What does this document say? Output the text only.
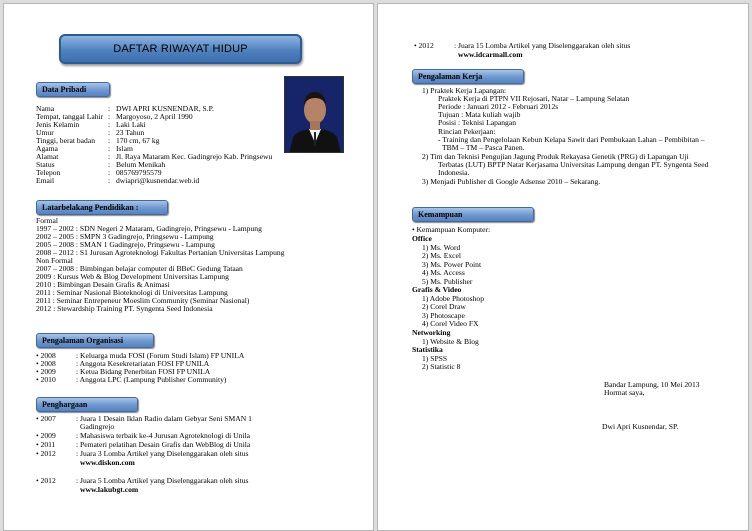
DAFTAR RIWAYAT HIDUP
Data Pribadi
Nama	: DWI APRI KUSNENDAR, S.P.
Tempat, tanggal Lahir : Margoyoso, 2 April 1990
Jenis Kelamin	: Laki Laki
Umur	: 23 Tahun
Tinggi, berat badan : 170 cm, 67 kg
Agama	: Islam
Alamat	: Jl. Raya Mataram Kec. Gadingrejo Kab. Pringsewu
Status	: Belum Menikah
Telepon	: 085769795579
Email	: dwiapri@kusnendar.web.id
Latarbelakang Pendidikan :
Formal
1997 – 2002 : SDN Negeri 2 Mataram, Gadingrejo, Pringsewu - Lampung
2002 – 2005 : SMPN 3 Gadingrejo, Pringsewu - Lampung
2005 – 2008 : SMAN 1 Gadingrejo, Pringsewu - Lampung
2008 – 2012 : S1 Jurusan Agroteknologi Fakultas Pertanian Universitas Lampung
Non Formal
2007 – 2008 : Bimbingan belajar computer di BBeC Gedung Tataan
2009 : Kursus Web & Blog Development Universitas Lampung
2010 : Bimbingan Desain Grafis & Animasi
2011 : Seminar Nasional Bioteknologi di Universitas Lampung
2011 : Seminar Entrepeneur Moeslim Community (Seminar Nasional)
2012 : Stewardship Training PT. Syngenta Seed Indonesia
Pengalaman Organisasi
• 2008	: Keluarga muda FOSI (Forum Studi Islam) FP UNILA
• 2008	: Anggota Kesekretariatan FOSI FP UNILA
• 2009	: Ketua Bidang Penerbitan FOSI FP UNILA
• 2010	: Anggota LPC (Lampung Publisher Community)
Penghargaan
• 2007	: Juara 1 Desain Iklan Radio dalam Gebyar Seni SMAN 1
Gadingrejo
• 2009	: Mahasiswa terbaik ke-4 Jurusan Agroteknologi di Unila
• 2011	: Pemateri pelatihan Desain Grafis dan WebBlog di Unila
• 2012	: Juara 3 Lomba Artikel yang Diselenggarakan oleh situs
www.diskon.com
• 2012	: Juara 5 Lomba Artikel yang Diselenggarakan oleh situs
www.lakubgt.com
• 2012	: Juara 15 Lomba Artikel yang Diselenggarakan oleh situs
www.idcarmall.com
Pengalaman Kerja
1) Praktek Kerja Lapangan:
Praktek Kerja di PTPN VII Rejosari, Natar – Lampung Selatan
Periode : Januari 2012 - Februari 2012s
Tujuan : Mata kuliah wajib
Posisi : Teknisi Lapangan
Rincian Pekerjaan:
- Training dan Pengelolaan Kebun Kelapa Sawit dari Pembukaan Lahan – Pembibitan –
TBM – TM – Pasca Panen.
2) Tim dan Teknisi Pengujian Jagung Produk Rekayasa Genetik (PRG) di Lapangan Uji
Terbatas (LUT) BPTP Natar Kerjasama Universitas Lampung dengan PT. Syngenta Seed
Indonesia.
3) Menjadi Publisher di Google Adsense 2010 – Sekarang.
Kemampuan
• Kemampuan Komputer:
Office
1) Ms. Word
2) Ms. Excel
3) Ms. Power Point
4) Ms. Access
5) Ms. Publisher
Grafis & Video
1) Adobe Photoshop
2) Corel Draw
3) Photoscape
4) Corel Video FX
Networking
1) Website & Blog
Statistika
1) SPSS
2) Statistic 8
Bandar Lampung, 10 Mei 2013
Hormat saya,
Dwi Apri Kusnendar, SP.
